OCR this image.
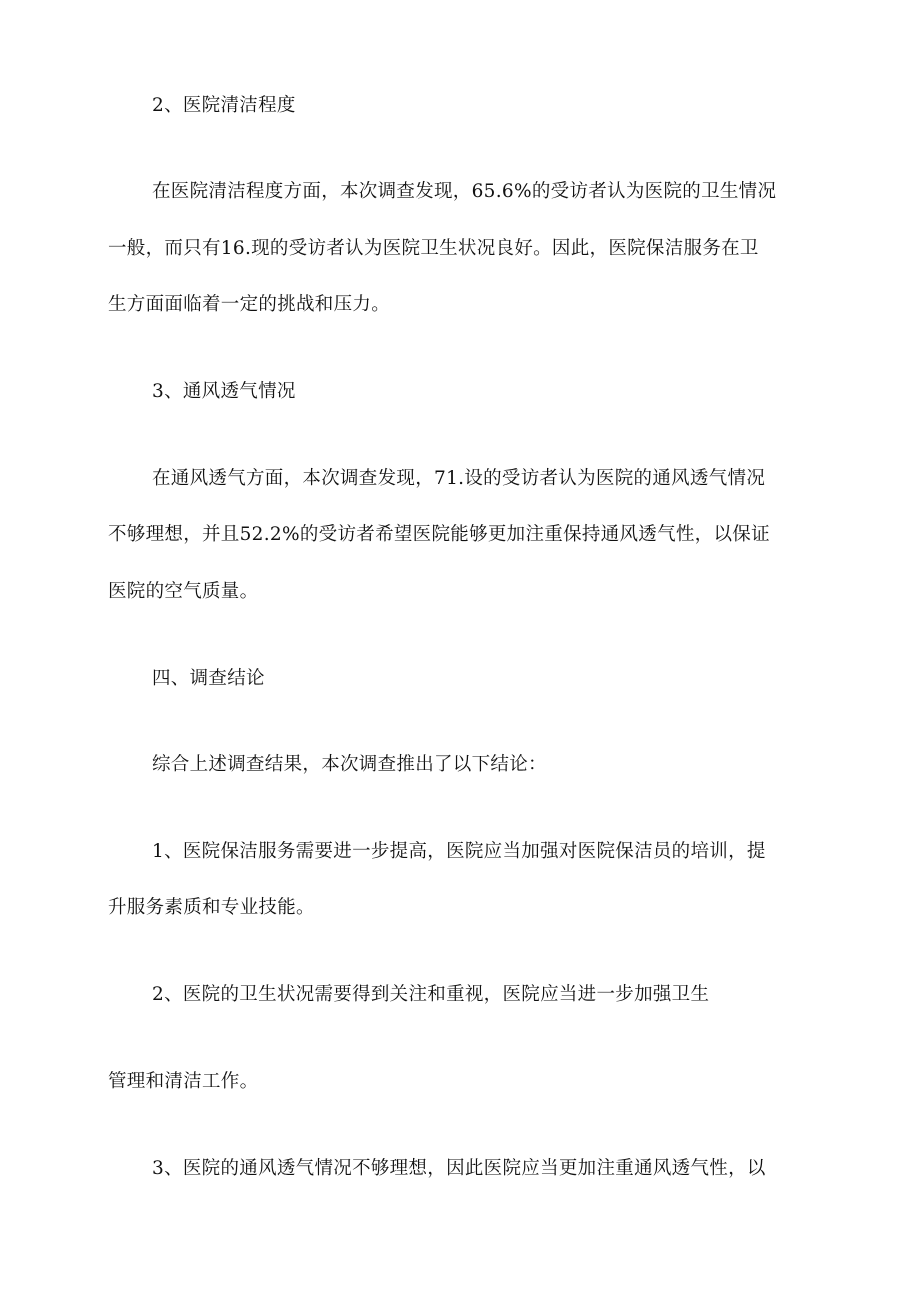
2、医院清洁程度
在医院清洁程度方面，本次调查发现，65.6%的受访者认为医院的卫生情况
一般，而只有16.现的受访者认为医院卫生状况良好。因此，医院保洁服务在卫
生方面面临着一定的挑战和压力。
3、通风透气情况
在通风透气方面，本次调查发现，71.设的受访者认为医院的通风透气情况
不够理想，并且52.2%的受访者希望医院能够更加注重保持通风透气性，以保证
医院的空气质量。
四、调查结论
综合上述调查结果，本次调查推出了以下结论：
1、医院保洁服务需要进一步提高，医院应当加强对医院保洁员的培训，提
升服务素质和专业技能。
2、医院的卫生状况需要得到关注和重视，医院应当进一步加强卫生
管理和清洁工作。
3、医院的通风透气情况不够理想，因此医院应当更加注重通风透气性，以
